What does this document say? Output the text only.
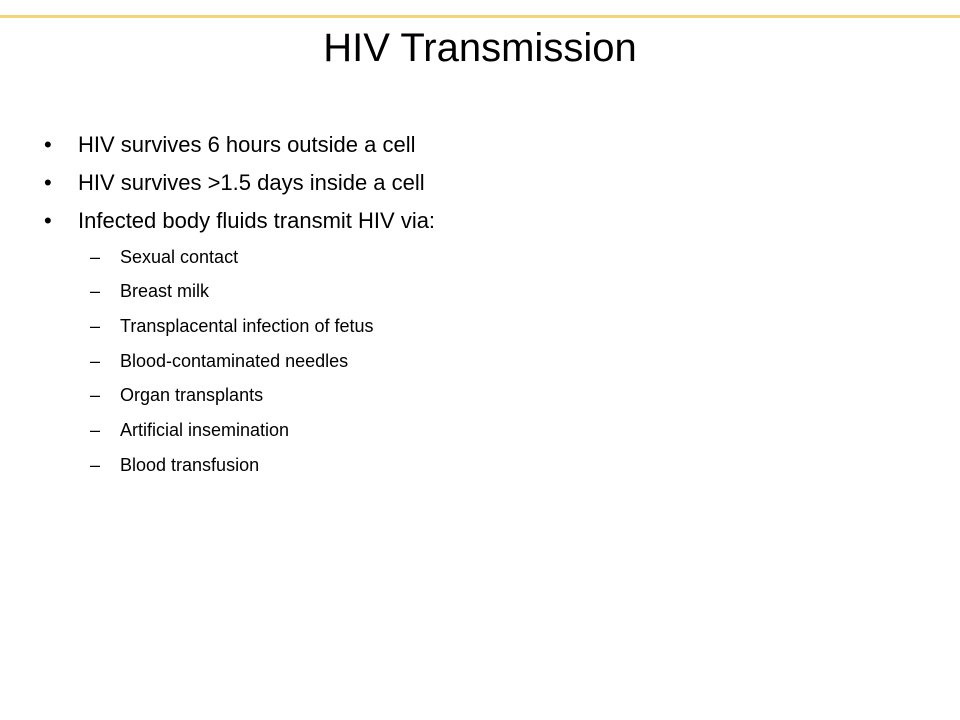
HIV Transmission
•	HIV survives 6 hours outside a cell
•	HIV survives >1.5 days inside a cell
•	Infected body fluids transmit HIV via:
–	Sexual contact
–	Breast milk
–	Transplacental infection of fetus
–	Blood-contaminated needles
–	Organ transplants
–	Artificial insemination
–	Blood transfusion
